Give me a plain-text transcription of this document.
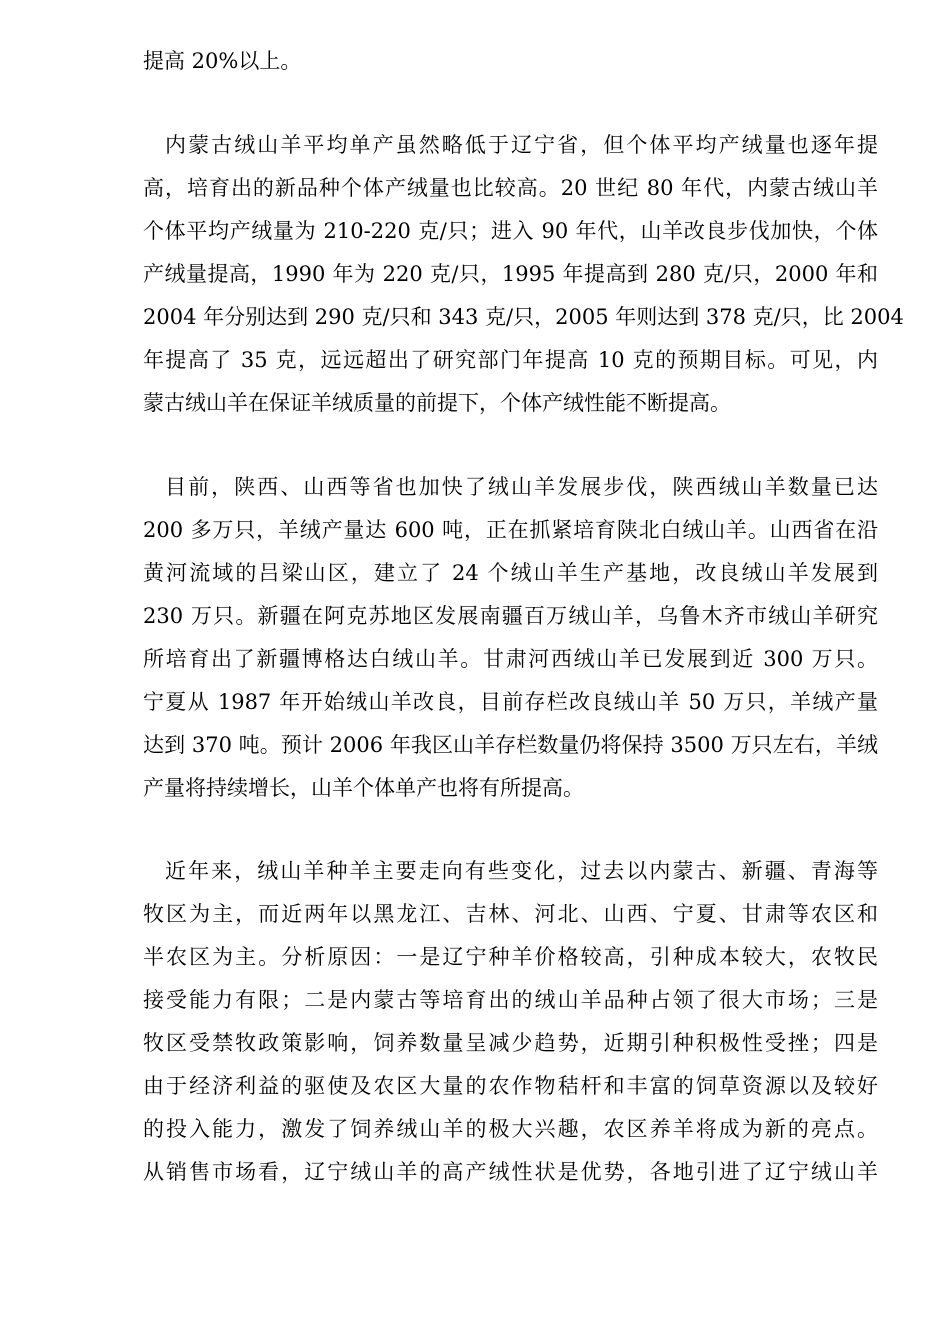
提高 20%以上。
内蒙古绒山羊平均单产虽然略低于辽宁省，但个体平均产绒量也逐年提
高，培育出的新品种个体产绒量也比较高。20 世纪 80 年代，内蒙古绒山羊
个体平均产绒量为 210-220 克/只；进入 90 年代，山羊改良步伐加快，个体
产绒量提高，1990 年为 220 克/只，1995 年提高到 280 克/只，2000 年和
2004 年分别达到 290 克/只和 343 克/只，2005 年则达到 378 克/只，比 2004
年提高了 35 克，远远超出了研究部门年提高 10 克的预期目标。可见，内
蒙古绒山羊在保证羊绒质量的前提下，个体产绒性能不断提高。
目前，陕西、山西等省也加快了绒山羊发展步伐，陕西绒山羊数量已达
200 多万只，羊绒产量达 600 吨，正在抓紧培育陕北白绒山羊。山西省在沿
黄河流域的吕梁山区，建立了 24 个绒山羊生产基地，改良绒山羊发展到
230 万只。新疆在阿克苏地区发展南疆百万绒山羊，乌鲁木齐市绒山羊研究
所培育出了新疆博格达白绒山羊。甘肃河西绒山羊已发展到近 300 万只。
宁夏从 1987 年开始绒山羊改良，目前存栏改良绒山羊 50 万只，羊绒产量
达到 370 吨。预计 2006 年我区山羊存栏数量仍将保持 3500 万只左右，羊绒
产量将持续增长，山羊个体单产也将有所提高。
近年来，绒山羊种羊主要走向有些变化，过去以内蒙古、新疆、青海等
牧区为主，而近两年以黑龙江、吉林、河北、山西、宁夏、甘肃等农区和
半农区为主。分析原因：一是辽宁种羊价格较高，引种成本较大，农牧民
接受能力有限；二是内蒙古等培育出的绒山羊品种占领了很大市场；三是
牧区受禁牧政策影响，饲养数量呈减少趋势，近期引种积极性受挫；四是
由于经济利益的驱使及农区大量的农作物秸杆和丰富的饲草资源以及较好
的投入能力，激发了饲养绒山羊的极大兴趣，农区养羊将成为新的亮点。
从销售市场看，辽宁绒山羊的高产绒性状是优势，各地引进了辽宁绒山羊
